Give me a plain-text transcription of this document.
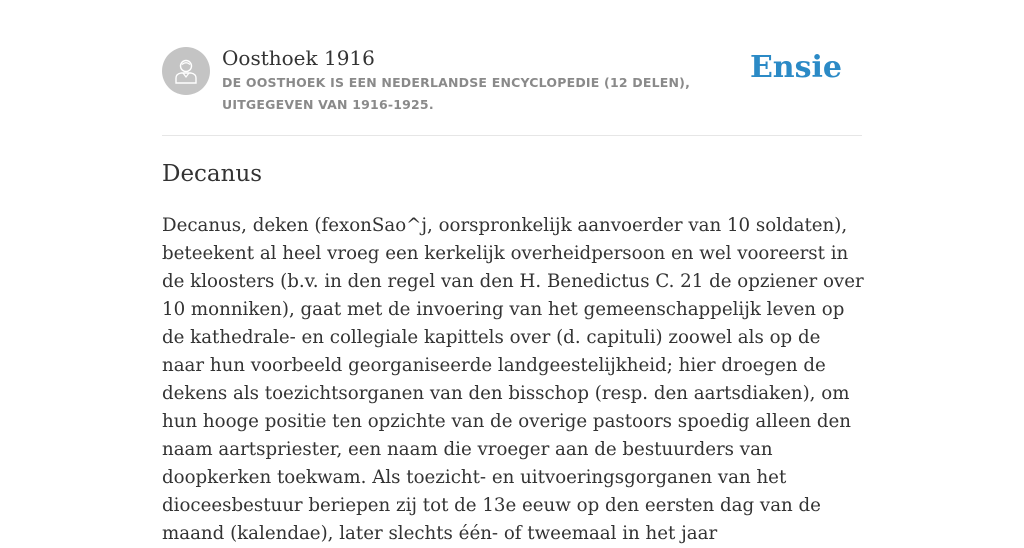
Oosthoek 1916
DE OOSTHOEK IS EEN NEDERLANDSE ENCYCLOPEDIE (12 DELEN), UITGEGEVEN VAN 1916-1925.
Ensie
Decanus

Decanus, deken (fexonSao^j, oorspronkelijk aanvoerder van 10 soldaten), beteekent al heel vroeg een kerkelijk overheidpersoon en wel vooreerst in de kloosters (b.v. in den regel van den H. Benedictus C. 21 de opziener over 10 monniken), gaat met de invoering van het gemeenschappelijk leven op de kathedrale- en collegiale kapittels over (d. capituli) zoowel als op de naar hun voorbeeld georganiseerde landgeestelijkheid; hier droegen de dekens als toezichtsorganen van den bisschop (resp. den aartsdiaken), om hun hooge positie ten opzichte van de overige pastoors spoedig alleen den naam aartspriester, een naam die vroeger aan de bestuurders van doopkerken toekwam. Als toezicht- en uitvoeringsgorganen van het dioceesbestuur beriepen zij tot de 13e eeuw op den eersten dag van de maand (kalendae), later slechts één- of tweemaal in het jaar
